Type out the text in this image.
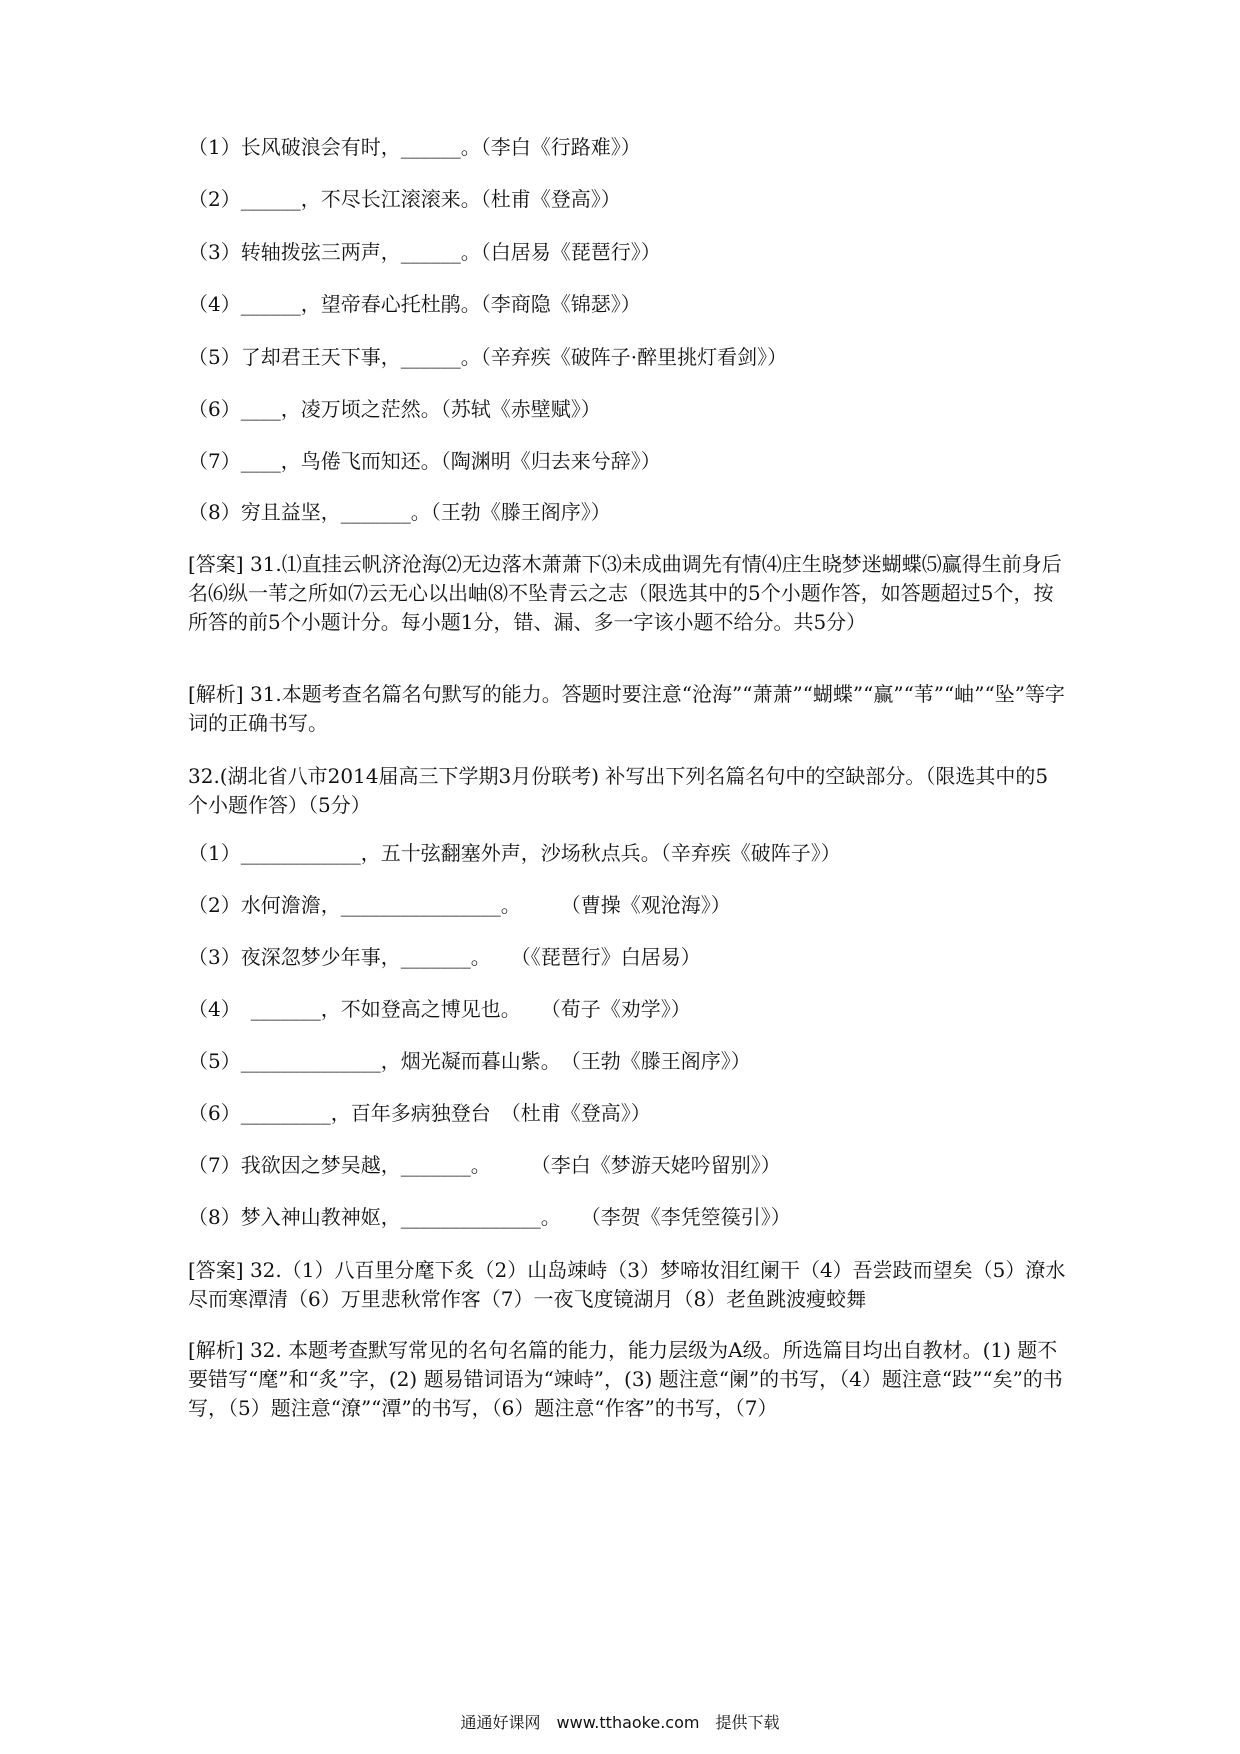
（1）长风破浪会有时，______。（李白《行路难》）
（2）______，不尽长江滚滚来。（杜甫《登高》）
（3）转轴拨弦三两声，______。（白居易《琵琶行》）
（4）______，望帝春心托杜鹃。（李商隐《锦瑟》）
（5）了却君王天下事，______。（辛弃疾《破阵子·醉里挑灯看剑》）
（6）____，凌万顷之茫然。（苏轼《赤壁赋》）
（7）____，鸟倦飞而知还。（陶渊明《归去来兮辞》）
（8）穷且益坚，_______。（王勃《滕王阁序》）
[答案] 31.⑴直挂云帆济沧海⑵无边落木萧萧下⑶未成曲调先有情⑷庄生晓梦迷蝴蝶⑸赢得生前身后名⑹纵一苇之所如⑺云无心以出岫⑻不坠青云之志（限选其中的5个小题作答，如答题超过5个，按所答的前5个小题计分。每小题1分，错、漏、多一字该小题不给分。共5分）
[解析] 31.本题考查名篇名句默写的能力。答题时要注意“沧海”“萧萧”“蝴蝶”“赢”“苇”“岫”“坠”等字词的正确书写。
32.(湖北省八市2014届高三下学期3月份联考) 补写出下列名篇名句中的空缺部分。（限选其中的5个小题作答）（5分）
（1）____________，五十弦翻塞外声，沙场秋点兵。（辛弃疾《破阵子》）
（2）水何澹澹，________________。　　　（曹操《观沧海》）
（3）夜深忽梦少年事，_______。　　（《琵琶行》白居易）
（4）　_______，不如登高之博见也。　　（荀子《劝学》）
（5）______________，烟光凝而暮山紫。　（王勃《滕王阁序》）
（6）_________，百年多病独登台　（杜甫《登高》）
（7）我欲因之梦吴越，_______。　　　（李白《梦游天姥吟留别》）
（8）梦入神山教神妪，______________。　　（李贺《李凭箜篌引》）
[答案] 32.（1）八百里分麾下炙（2）山岛竦峙（3）梦啼妆泪红阑干（4）吾尝跂而望矣（5）潦水尽而寒潭清（6）万里悲秋常作客（7）一夜飞度镜湖月（8）老鱼跳波瘦蛟舞
[解析] 32. 本题考查默写常见的名句名篇的能力，能力层级为A级。所选篇目均出自教材。(1) 题不要错写“麾”和“炙”字，(2) 题易错词语为“竦峙”，(3) 题注意“阑”的书写，（4）题注意“跂”“矣”的书写，（5）题注意“潦”“潭”的书写，（6）题注意“作客”的书写，（7）
通通好课网　www.tthaoke.com　提供下载
